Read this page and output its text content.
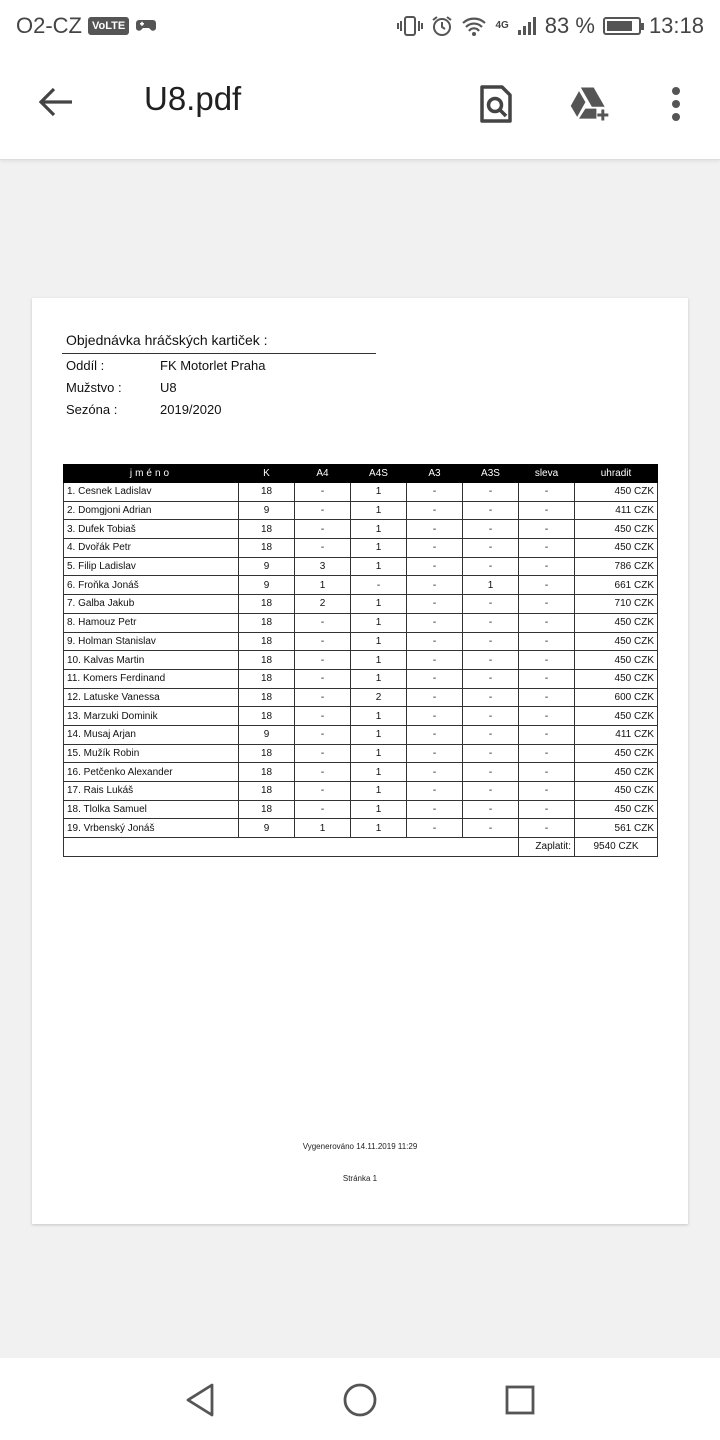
O2-CZ VoLTE	4G 83 % 13:18
U8.pdf
Objednávka hráčských kartiček :
Oddíl :	FK Motorlet Praha
Mužstvo :	U8
Sezóna :	2019/2020
jméno	K	A4	A4S	A3	A3S	sleva	uhradit
1. Cesnek Ladislav	18	-	1	-	-	-	450 CZK
2. Domgjoni Adrian	9	-	1	-	-	-	411 CZK
3. Dufek Tobiaš	18	-	1	-	-	-	450 CZK
4. Dvořák Petr	18	-	1	-	-	-	450 CZK
5. Filip Ladislav	9	3	1	-	-	-	786 CZK
6. Froňka Jonáš	9	1	-	-	1	-	661 CZK
7. Galba Jakub	18	2	1	-	-	-	710 CZK
8. Hamouz Petr	18	-	1	-	-	-	450 CZK
9. Holman Stanislav	18	-	1	-	-	-	450 CZK
10. Kalvas Martin	18	-	1	-	-	-	450 CZK
11. Komers Ferdinand	18	-	1	-	-	-	450 CZK
12. Latuske Vanessa	18	-	2	-	-	-	600 CZK
13. Marzuki Dominik	18	-	1	-	-	-	450 CZK
14. Musaj Arjan	9	-	1	-	-	-	411 CZK
15. Mužík Robin	18	-	1	-	-	-	450 CZK
16. Petčenko Alexander	18	-	1	-	-	-	450 CZK
17. Rais Lukáš	18	-	1	-	-	-	450 CZK
18. Tlolka Samuel	18	-	1	-	-	-	450 CZK
19. Vrbenský Jonáš	9	1	1	-	-	-	561 CZK
						Zaplatit:	9540 CZK
Vygenerováno 14.11.2019 11:29
Stránka 1
